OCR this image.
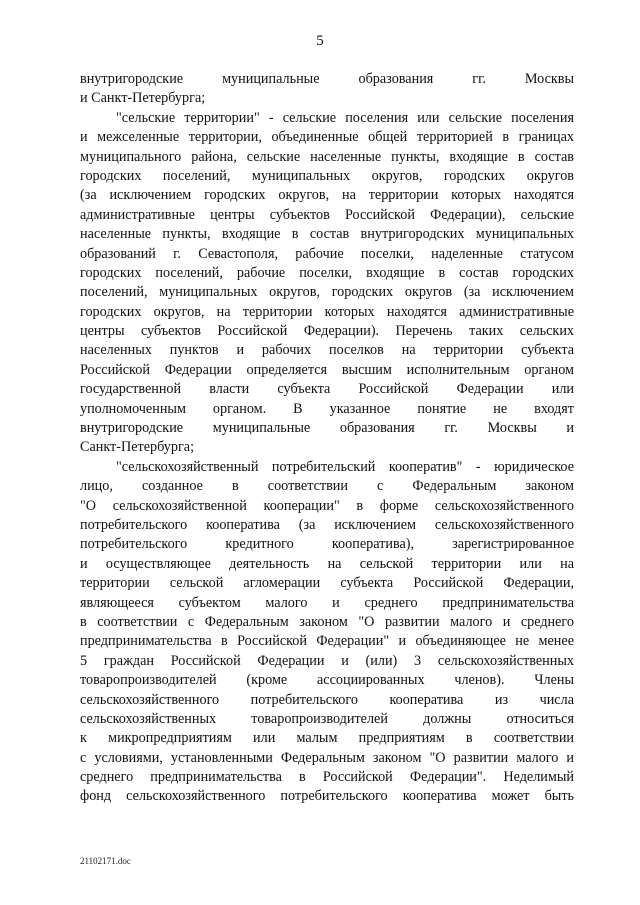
5
внутригородские муниципальные образования гг. Москвы
и Санкт-Петербурга;
"сельские территории" - сельские поселения или сельские поселения
и межселенные территории, объединенные общей территорией в границах
муниципального района, сельские населенные пункты, входящие в состав
городских поселений, муниципальных округов, городских округов
(за исключением городских округов, на территории которых находятся
административные центры субъектов Российской Федерации), сельские
населенные пункты, входящие в состав внутригородских муниципальных
образований г. Севастополя, рабочие поселки, наделенные статусом
городских поселений, рабочие поселки, входящие в состав городских
поселений, муниципальных округов, городских округов (за исключением
городских округов, на территории которых находятся административные
центры субъектов Российской Федерации). Перечень таких сельских
населенных пунктов и рабочих поселков на территории субъекта
Российской Федерации определяется высшим исполнительным органом
государственной власти субъекта Российской Федерации или
уполномоченным органом. В указанное понятие не входят
внутригородские муниципальные образования гг. Москвы и
Санкт-Петербурга;
"сельскохозяйственный потребительский кооператив" - юридическое
лицо, созданное в соответствии с Федеральным законом
"О сельскохозяйственной кооперации" в форме сельскохозяйственного
потребительского кооператива (за исключением сельскохозяйственного
потребительского кредитного кооператива), зарегистрированное
и осуществляющее деятельность на сельской территории или на
территории сельской агломерации субъекта Российской Федерации,
являющееся субъектом малого и среднего предпринимательства
в соответствии с Федеральным законом "О развитии малого и среднего
предпринимательства в Российской Федерации" и объединяющее не менее
5 граждан Российской Федерации и (или) 3 сельскохозяйственных
товаропроизводителей (кроме ассоциированных членов). Члены
сельскохозяйственного потребительского кооператива из числа
сельскохозяйственных товаропроизводителей должны относиться
к микропредприятиям или малым предприятиям в соответствии
с условиями, установленными Федеральным законом "О развитии малого и
среднего предпринимательства в Российской Федерации". Неделимый
фонд сельскохозяйственного потребительского кооператива может быть
21102171.doc
